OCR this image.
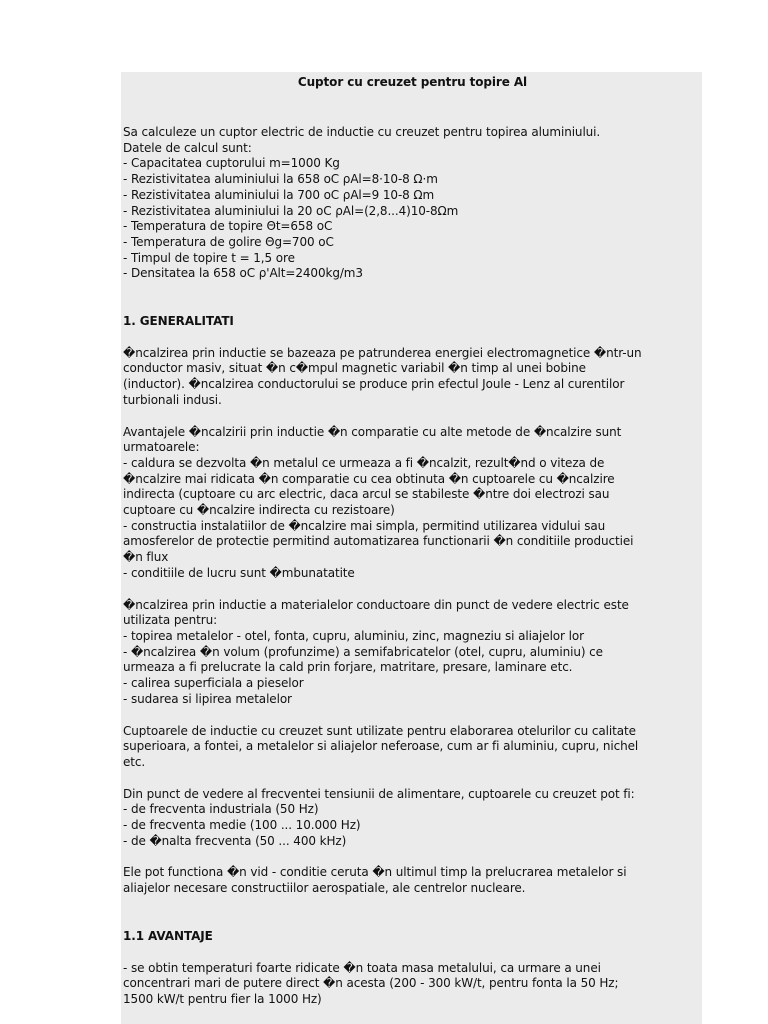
Cuptor cu creuzet pentru topire Al

Sa calculeze un cuptor electric de inductie cu creuzet pentru topirea aluminiului.
Datele de calcul sunt:
- Capacitatea cuptorului m=1000 Kg
- Rezistivitatea aluminiului la 658 oC ρAl=8·10-8 Ω·m
- Rezistivitatea aluminiului la 700 oC ρAl=9 10-8 Ωm
- Rezistivitatea aluminiului la 20 oC ρAl=(2,8...4)10-8Ωm
- Temperatura de topire Θt=658 oC
- Temperatura de golire Θg=700 oC
- Timpul de topire t = 1,5 ore
- Densitatea la 658 oC ρ'Alt=2400kg/m3

1. GENERALITATI

�ncalzirea prin inductie se bazeaza pe patrunderea energiei electromagnetice �ntr-un
conductor masiv, situat �n c�mpul magnetic variabil �n timp al unei bobine
(inductor). �ncalzirea conductorului se produce prin efectul Joule - Lenz al curentilor
turbionali indusi.
Avantajele �ncalzirii prin inductie �n comparatie cu alte metode de �ncalzire sunt
urmatoarele:
- caldura se dezvolta �n metalul ce urmeaza a fi �ncalzit, rezult�nd o viteza de
�ncalzire mai ridicata �n comparatie cu cea obtinuta �n cuptoarele cu �ncalzire
indirecta (cuptoare cu arc electric, daca arcul se stabileste �ntre doi electrozi sau
cuptoare cu �ncalzire indirecta cu rezistoare)
- constructia instalatiilor de �ncalzire mai simpla, permitind utilizarea vidului sau
amosferelor de protectie permitind automatizarea functionarii �n conditiile productiei
�n flux
- conditiile de lucru sunt �mbunatatite
�ncalzirea prin inductie a materialelor conductoare din punct de vedere electric este
utilizata pentru:
- topirea metalelor - otel, fonta, cupru, aluminiu, zinc, magneziu si aliajelor lor
- �ncalzirea �n volum (profunzime) a semifabricatelor (otel, cupru, aluminiu) ce
urmeaza a fi prelucrate la cald prin forjare, matritare, presare, laminare etc.
- calirea superficiala a pieselor
- sudarea si lipirea metalelor
Cuptoarele de inductie cu creuzet sunt utilizate pentru elaborarea otelurilor cu calitate
superioara, a fontei, a metalelor si aliajelor neferoase, cum ar fi aluminiu, cupru, nichel
etc.
Din punct de vedere al frecventei tensiunii de alimentare, cuptoarele cu creuzet pot fi:
- de frecventa industriala (50 Hz)
- de frecventa medie (100 ... 10.000 Hz)
- de �nalta frecventa (50 ... 400 kHz)
Ele pot functiona �n vid - conditie ceruta �n ultimul timp la prelucrarea metalelor si
aliajelor necesare constructiilor aerospatiale, ale centrelor nucleare.

1.1 AVANTAJE

- se obtin temperaturi foarte ridicate �n toata masa metalului, ca urmare a unei
concentrari mari de putere direct �n acesta (200 - 300 kW/t, pentru fonta la 50 Hz;
1500 kW/t pentru fier la 1000 Hz)
